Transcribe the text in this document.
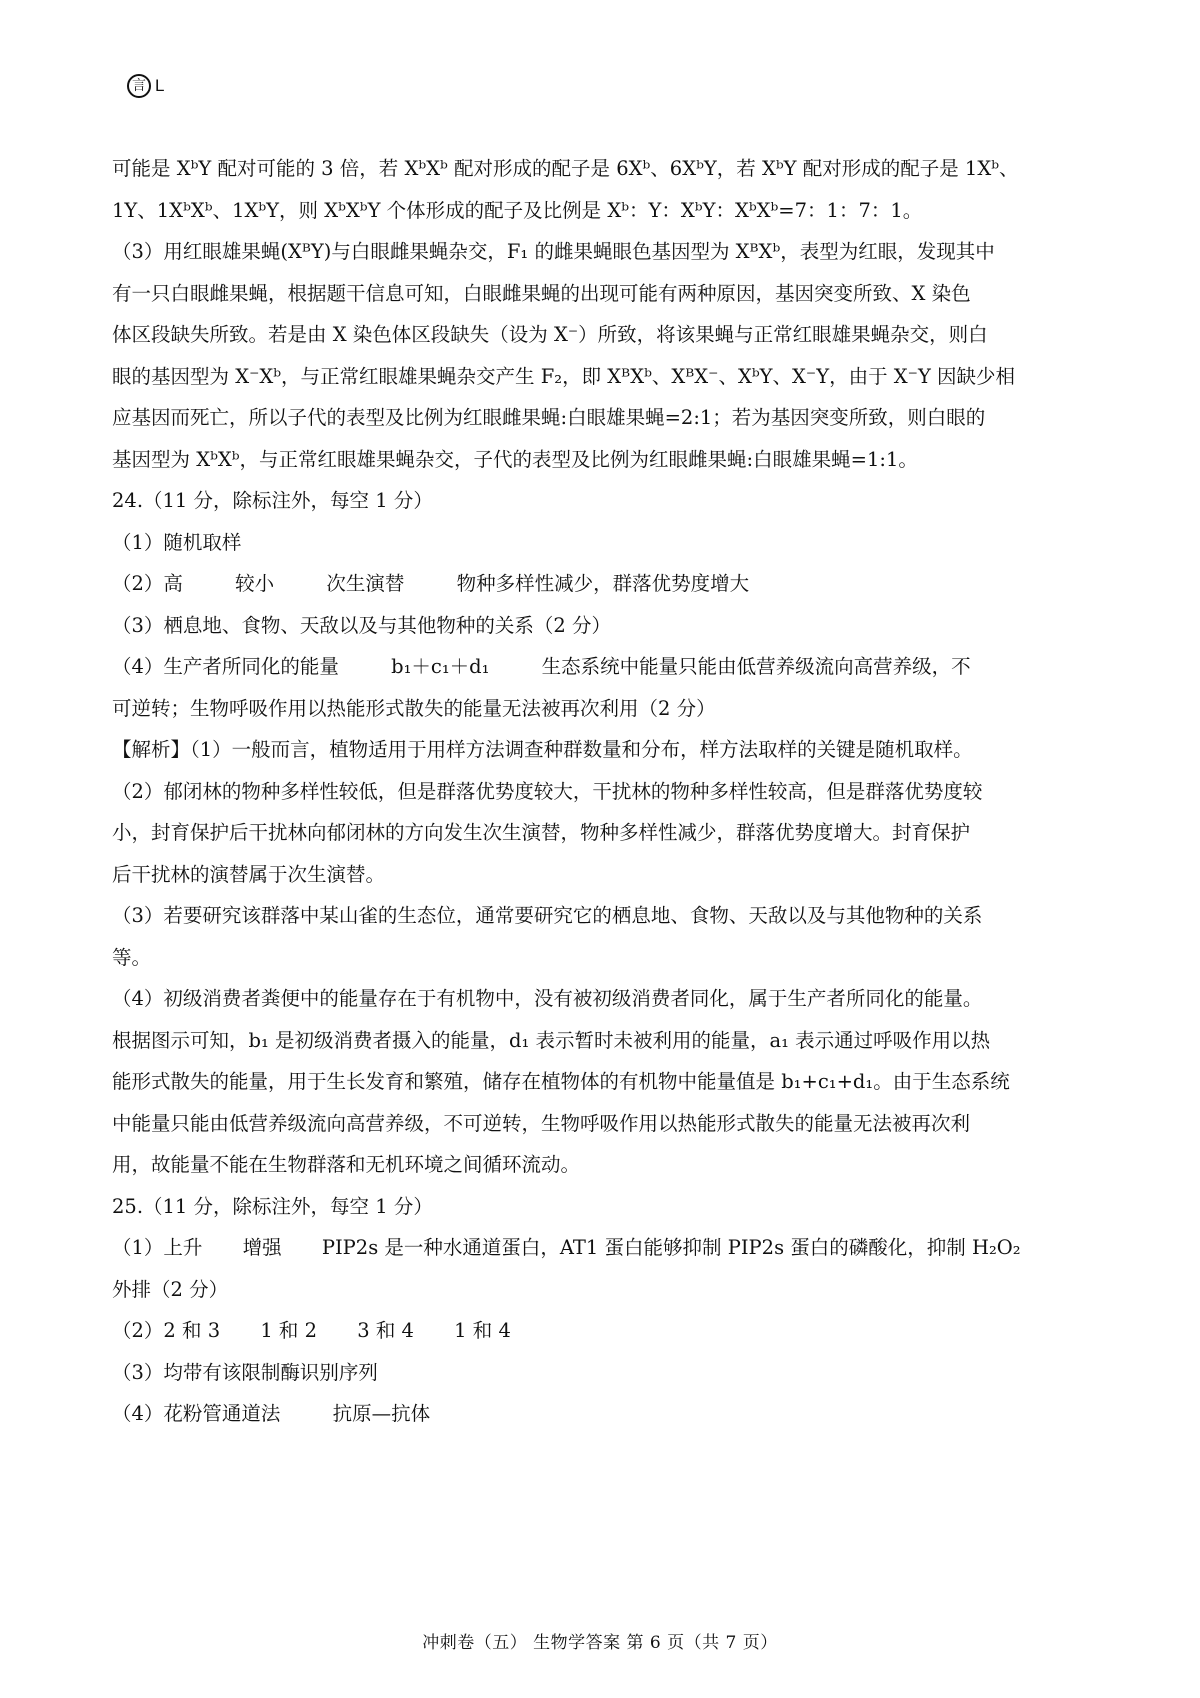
言 L

可能是 XᵇY 配对可能的 3 倍，若 XᵇXᵇ 配对形成的配子是 6Xᵇ、6XᵇY，若 XᵇY 配对形成的配子是 1Xᵇ、

1Y、1XᵇXᵇ、1XᵇY，则 XᵇXᵇY 个体形成的配子及比例是 Xᵇ：Y：XᵇY：XᵇXᵇ=7：1：7：1。

（3）用红眼雄果蝇(XᴮY)与白眼雌果蝇杂交，F₁ 的雌果蝇眼色基因型为 XᴮXᵇ，表型为红眼，发现其中

有一只白眼雌果蝇，根据题干信息可知，白眼雌果蝇的出现可能有两种原因，基因突变所致、X 染色

体区段缺失所致。若是由 X 染色体区段缺失（设为 X⁻）所致，将该果蝇与正常红眼雄果蝇杂交，则白

眼的基因型为 X⁻Xᵇ，与正常红眼雄果蝇杂交产生 F₂，即 XᴮXᵇ、XᴮX⁻、XᵇY、X⁻Y，由于 X⁻Y 因缺少相

应基因而死亡，所以子代的表型及比例为红眼雌果蝇:白眼雄果蝇=2:1；若为基因突变所致，则白眼的

基因型为 XᵇXᵇ，与正常红眼雄果蝇杂交，子代的表型及比例为红眼雌果蝇:白眼雄果蝇=1:1。

24.（11 分，除标注外，每空 1 分）

（1）随机取样

（2）高	较小	次生演替	物种多样性减少，群落优势度增大

（3）栖息地、食物、天敌以及与其他物种的关系（2 分）

（4）生产者所同化的能量	b₁＋c₁＋d₁	生态系统中能量只能由低营养级流向高营养级，不

可逆转；生物呼吸作用以热能形式散失的能量无法被再次利用（2 分）

【解析】（1）一般而言，植物适用于用样方法调查种群数量和分布，样方法取样的关键是随机取样。

（2）郁闭林的物种多样性较低，但是群落优势度较大，干扰林的物种多样性较高，但是群落优势度较

小，封育保护后干扰林向郁闭林的方向发生次生演替，物种多样性减少，群落优势度增大。封育保护

后干扰林的演替属于次生演替。

（3）若要研究该群落中某山雀的生态位，通常要研究它的栖息地、食物、天敌以及与其他物种的关系

等。

（4）初级消费者粪便中的能量存在于有机物中，没有被初级消费者同化，属于生产者所同化的能量。

根据图示可知，b₁ 是初级消费者摄入的能量，d₁ 表示暂时未被利用的能量，a₁ 表示通过呼吸作用以热

能形式散失的能量，用于生长发育和繁殖，储存在植物体的有机物中能量值是 b₁+c₁+d₁。由于生态系统

中能量只能由低营养级流向高营养级，不可逆转，生物呼吸作用以热能形式散失的能量无法被再次利

用，故能量不能在生物群落和无机环境之间循环流动。

25.（11 分，除标注外，每空 1 分）

（1）上升 增强 PIP2s 是一种水通道蛋白，AT1 蛋白能够抑制 PIP2s 蛋白的磷酸化，抑制 H₂O₂

外排（2 分）

（2）2 和 3 1 和 2 3 和 4 1 和 4

（3）均带有该限制酶识别序列

（4）花粉管通道法	抗原—抗体

冲刺卷（五） 生物学答案 第 6 页（共 7 页）
